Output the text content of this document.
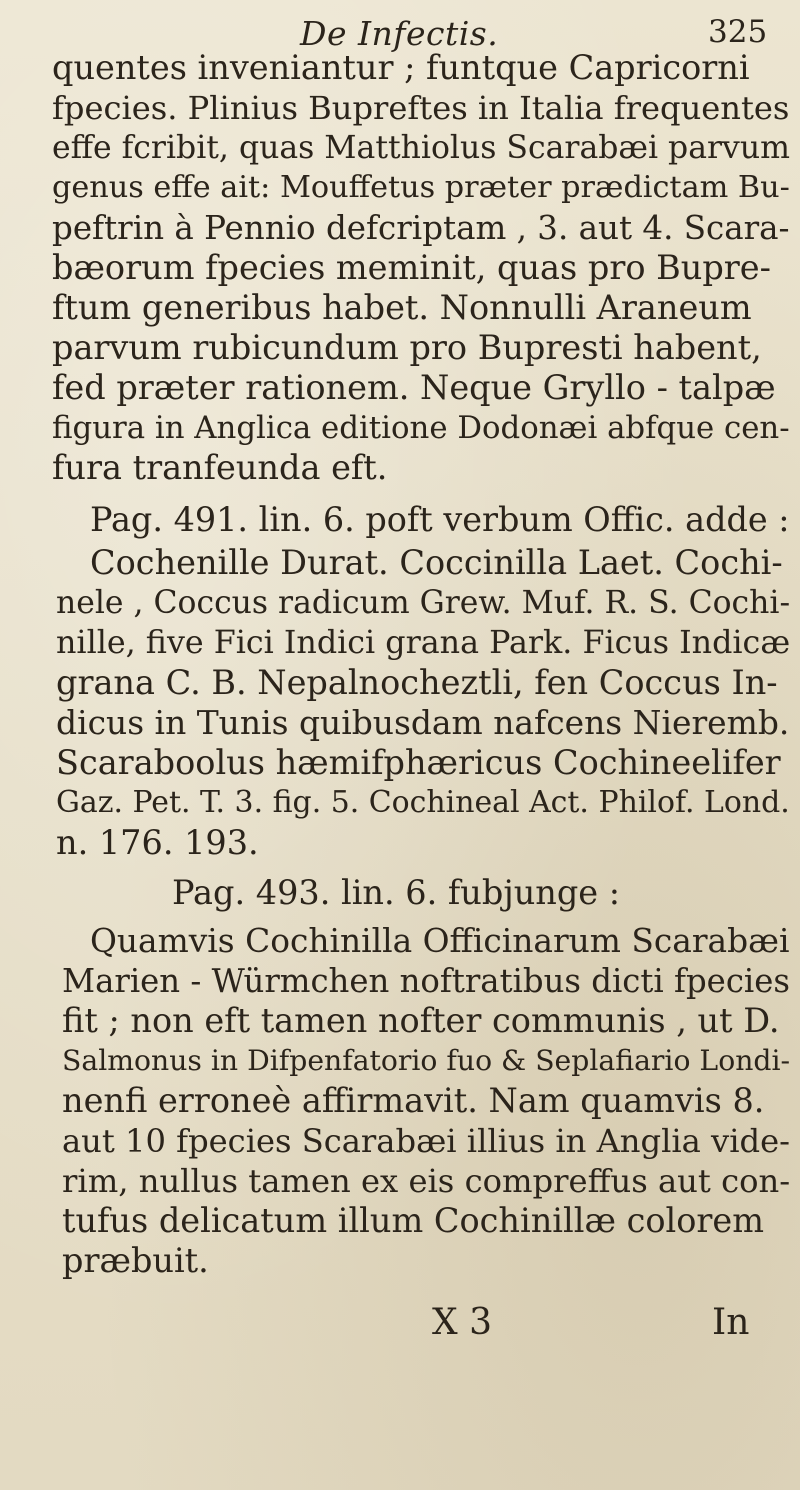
De Infectis.	325
quentes inveniantur ; funtque Capricorni
fpecies. Plinius Bupreftes in Italia frequentes
effe fcribit, quas Matthiolus Scarabæi parvum
genus effe ait: Mouffetus præter prædictam Bu-
peftrin à Pennio defcriptam , 3. aut 4. Scara-
bæorum fpecies meminit, quas pro Bupre-
ftum generibus habet. Nonnulli Araneum
parvum rubicundum pro Bupresti habent,
fed præter rationem. Neque Gryllo - talpæ
figura in Anglica editione Dodonæi abfque cen-
fura tranfeunda eft.
Pag. 491. lin. 6. poft verbum Offic. adde :
Cochenille Durat. Coccinilla Laet. Cochi-
nele , Coccus radicum Grew. Muf. R. S. Cochi-
nille, five Fici Indici grana Park. Ficus Indicæ
grana C. B. Nepalnocheztli, fen Coccus In-
dicus in Tunis quibusdam nafcens Nieremb.
Scaraboolus hæmifphæricus Cochineelifer
Gaz. Pet. T. 3. fig. 5. Cochineal Act. Philof. Lond.
n. 176. 193.
Pag. 493. lin. 6. fubjunge :
Quamvis Cochinilla Officinarum Scarabæi
Marien - Würmchen noftratibus dicti fpecies
fit ; non eft tamen nofter communis , ut D.
Salmonus in Difpenfatorio fuo & Seplafiario Londi-
nenfi erroneè affirmavit. Nam quamvis 8.
aut 10 fpecies Scarabæi illius in Anglia vide-
rim, nullus tamen ex eis compreffus aut con-
tufus delicatum illum Cochinillæ colorem
præbuit.
X 3	In
